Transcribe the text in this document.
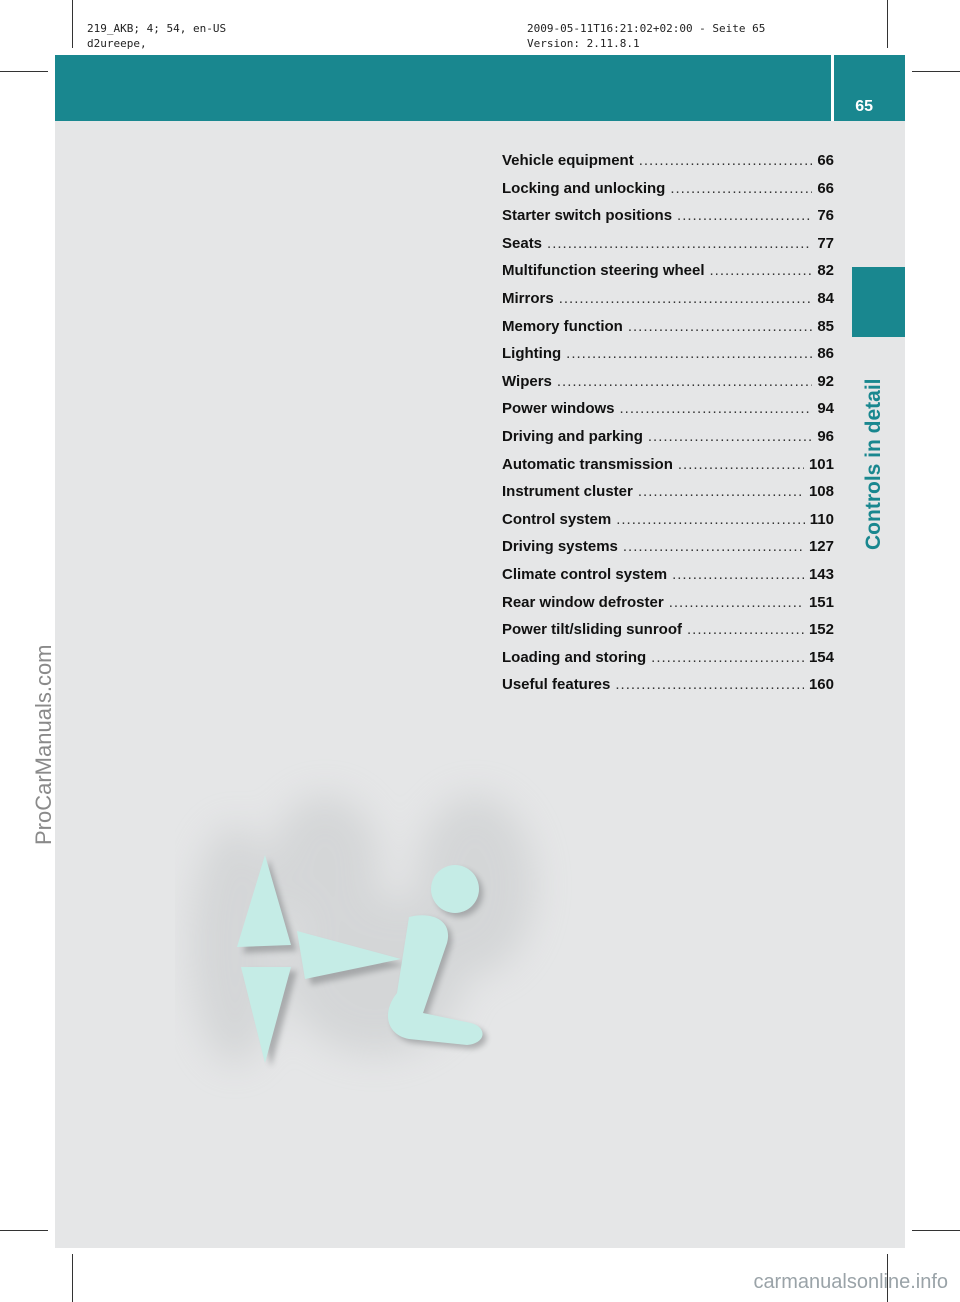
219_AKB; 4; 54, en-US
d2ureepe,
2009-05-11T16:21:02+02:00 - Seite 65
Version: 2.11.8.1
65
Controls in detail
Vehicle equipment .....	66
Locking and unlocking .....	66
Starter switch positions .....	76
Seats .....	77
Multifunction steering wheel .....	82
Mirrors .....	84
Memory function .....	85
Lighting .....	86
Wipers .....	92
Power windows .....	94
Driving and parking .....	96
Automatic transmission .....	101
Instrument cluster .....	108
Control system .....	110
Driving systems .....	127
Climate control system .....	143
Rear window defroster .....	151
Power tilt/sliding sunroof .....	152
Loading and storing .....	154
Useful features .....	160
ProCarManuals.com
carmanualsonline.info
